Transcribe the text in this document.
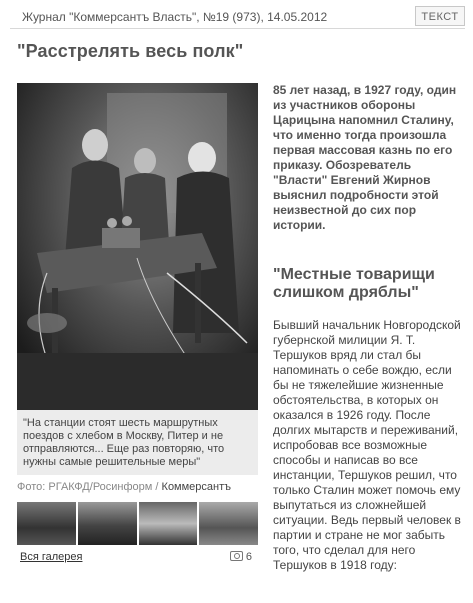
Журнал "Коммерсантъ Власть", №19 (973), 14.05.2012	ТЕКСТ
"Расстрелять весь полк"
"На станции стоят шесть маршрутных поездов с хлебом в Москву, Питер и не отправляются... Еще раз повторяю, что нужны самые решительные меры"
Фото: РГАКФД/Росинформ / Коммерсантъ
Вся галерея	6
85 лет назад, в 1927 году, один из участников обороны Царицына напомнил Сталину, что именно тогда произошла первая массовая казнь по его приказу. Обозреватель "Власти" Евгений Жирнов выяснил подробности этой неизвестной до сих пор истории.
"Местные товарищи слишком дряблы"
Бывший начальник Новгородской губернской милиции Я. Т. Тершуков вряд ли стал бы напоминать о себе вождю, если бы не тяжелейшие жизненные обстоятельства, в которых он оказался в 1926 году. После долгих мытарств и переживаний, испробовав все возможные способы и написав во все инстанции, Тершуков решил, что только Сталин может помочь ему выпутаться из сложнейшей ситуации. Ведь первый человек в партии и стране не мог забыть того, что сделал для него Тершуков в 1918 году:
